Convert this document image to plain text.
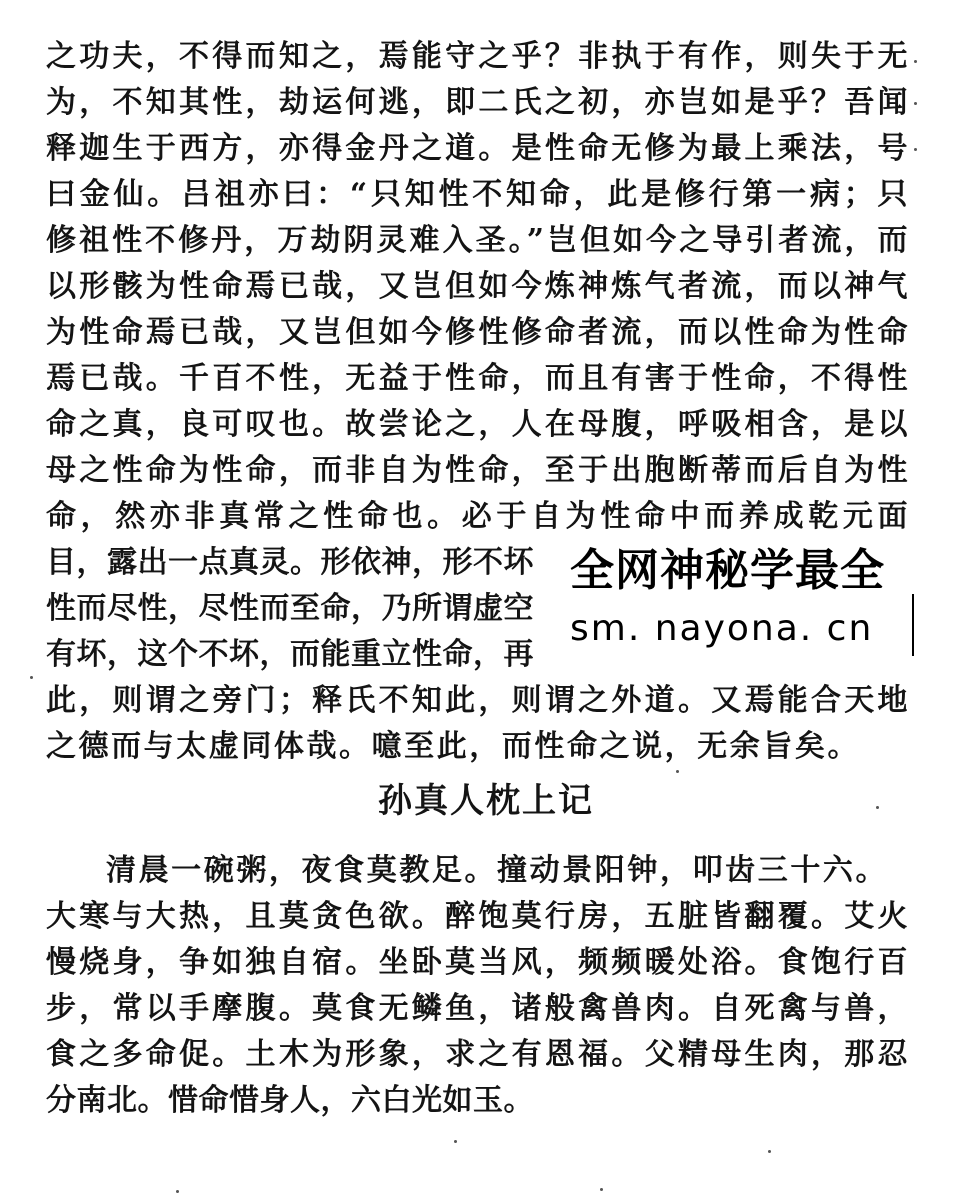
之功夫，不得而知之，焉能守之乎？非执于有作，则失于无
为，不知其性，劫运何逃，即二氏之初，亦岂如是乎？吾闻
释迦生于西方，亦得金丹之道。是性命无修为最上乘法，号
曰金仙。吕祖亦曰：“只知性不知命，此是修行第一病；只
修祖性不修丹，万劫阴灵难入圣。”岂但如今之导引者流，而
以形骸为性命焉已哉，又岂但如今炼神炼气者流，而以神气
为性命焉已哉，又岂但如今修性修命者流，而以性命为性命
焉已哉。千百不性，无益于性命，而且有害于性命，不得性
命之真，良可叹也。故尝论之，人在母腹，呼吸相含，是以
母之性命为性命，而非自为性命，至于出胞断蒂而后自为性
命，然亦非真常之性命也。必于自为性命中而养成乾元面
目，露出一点真灵。形依神，形不坏
性而尽性，尽性而至命，乃所谓虚空
有坏，这个不坏，而能重立性命，再
此，则谓之旁门；释氏不知此，则谓之外道。又焉能合天地
之德而与太虚同体哉。噫至此，而性命之说，无余旨矣。
孙真人枕上记
清晨一碗粥，夜食莫教足。撞动景阳钟，叩齿三十六。
大寒与大热，且莫贪色欲。醉饱莫行房，五脏皆翻覆。艾火
慢烧身，争如独自宿。坐卧莫当风，频频暖处浴。食饱行百
步，常以手摩腹。莫食无鳞鱼，诸般禽兽肉。自死禽与兽，
食之多命促。土木为形象，求之有恩福。父精母生肉，那忍
分南北。惜命惜身人，六白光如玉。
全网神秘学最全
sm. nayona. cn
